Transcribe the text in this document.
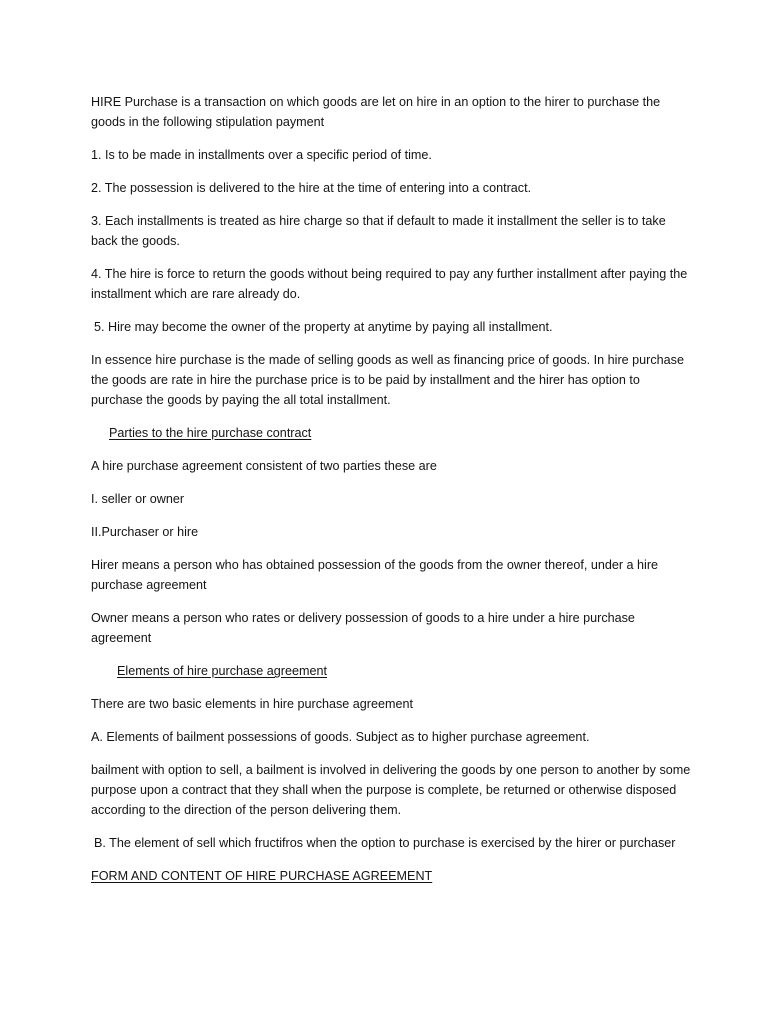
HIRE Purchase is a transaction on which goods are let on hire in an option to the hirer to purchase the goods in the following stipulation payment

1. Is to be made in installments over a specific period of time.

2. The possession is delivered to the hire at the time of entering into a contract.

3. Each installments is treated as hire charge so that if default to made it installment the seller is to take back the goods.

4. The hire is force to return the goods without being required to pay any further installment after paying the installment which are rare already do.

5. Hire may become the owner of the property at anytime by paying all installment.

In essence hire purchase is the made of selling goods as well as financing price of goods. In hire purchase the goods are rate in hire the purchase price is to be paid by installment and the hirer has option to purchase the goods by paying the all total installment.

Parties to the hire purchase contract

A hire purchase agreement consistent of two parties these are

I. seller or owner

II.Purchaser or hire

Hirer means a person who has obtained possession of the goods from the owner thereof, under a hire purchase agreement

Owner means a person who rates or delivery possession of goods to a hire under a hire purchase agreement

Elements of hire purchase agreement

There are two basic elements in hire purchase agreement

A. Elements of bailment possessions of goods. Subject as to higher purchase agreement.

bailment with option to sell, a bailment is involved in delivering the goods by one person to another by some purpose upon a contract that they shall when the purpose is complete, be returned or otherwise disposed according to the direction of the person delivering them.

B. The element of sell which fructifros when the option to purchase is exercised by the hirer or purchaser

FORM AND CONTENT OF HIRE PURCHASE AGREEMENT
